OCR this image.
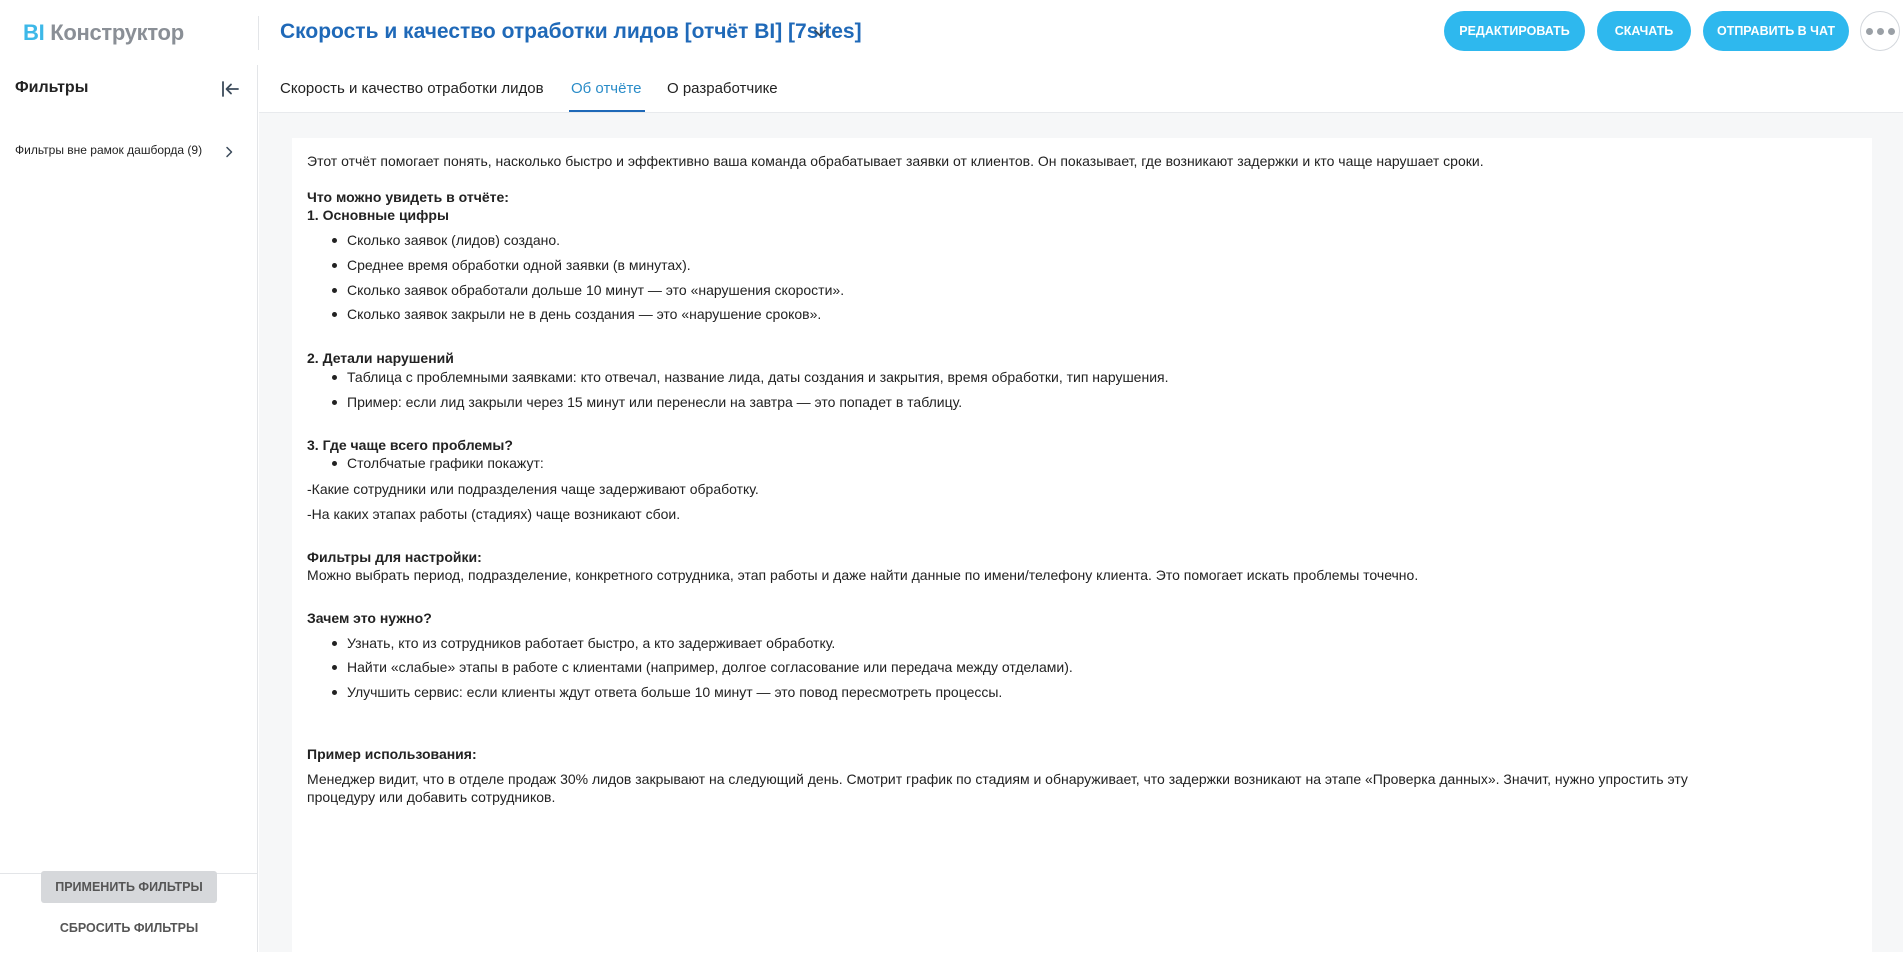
BI Конструктор	Скорость и качество отработки лидов [отчёт BI] [7sites]	РЕДАКТИРОВАТЬ	СКАЧАТЬ	ОТПРАВИТЬ В ЧАТ
Фильтры
Фильтры вне рамок дашборда (9)
ПРИМЕНИТЬ ФИЛЬТРЫ
СБРОСИТЬ ФИЛЬТРЫ
Скорость и качество отработки лидов Об отчёте О разработчике
Этот отчёт помогает понять, насколько быстро и эффективно ваша команда обрабатывает заявки от клиентов. Он показывает, где возникают задержки и кто чаще нарушает сроки.
Что можно увидеть в отчёте:
1. Основные цифры
Сколько заявок (лидов) создано.
Среднее время обработки одной заявки (в минутах).
Сколько заявок обработали дольше 10 минут — это «нарушения скорости».
Сколько заявок закрыли не в день создания — это «нарушение сроков».
2. Детали нарушений
Таблица с проблемными заявками: кто отвечал, название лида, даты создания и закрытия, время обработки, тип нарушения.
Пример: если лид закрыли через 15 минут или перенесли на завтра — это попадет в таблицу.
3. Где чаще всего проблемы?
Столбчатые графики покажут:
-Какие сотрудники или подразделения чаще задерживают обработку.
-На каких этапах работы (стадиях) чаще возникают сбои.
Фильтры для настройки:
Можно выбрать период, подразделение, конкретного сотрудника, этап работы и даже найти данные по имени/телефону клиента. Это помогает искать проблемы точечно.
Зачем это нужно?
Узнать, кто из сотрудников работает быстро, а кто задерживает обработку.
Найти «слабые» этапы в работе с клиентами (например, долгое согласование или передача между отделами).
Улучшить сервис: если клиенты ждут ответа больше 10 минут — это повод пересмотреть процессы.
Пример использования:
Менеджер видит, что в отделе продаж 30% лидов закрывают на следующий день. Смотрит график по стадиям и обнаруживает, что задержки возникают на этапе «Проверка данных». Значит, нужно упростить эту
процедуру или добавить сотрудников.
